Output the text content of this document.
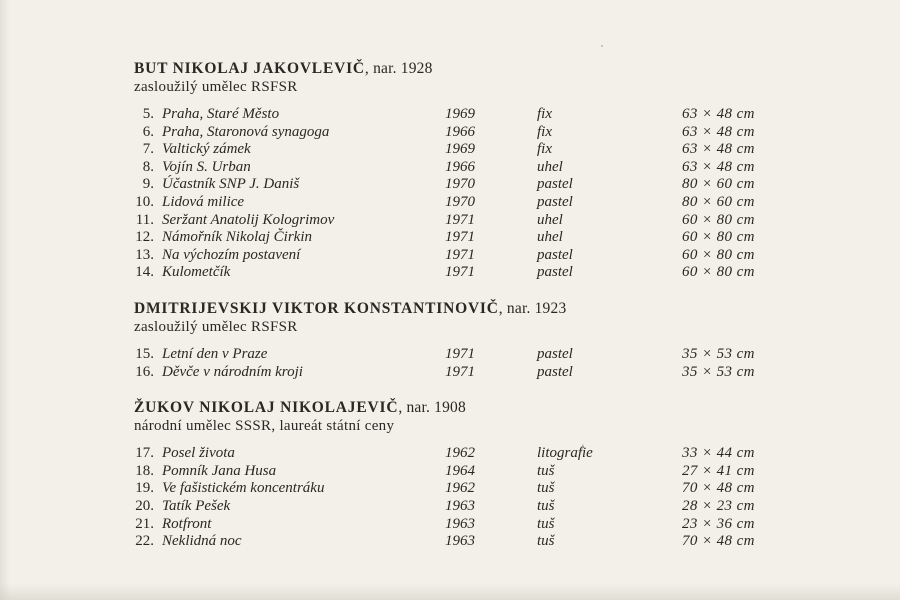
BUT NIKOLAJ JAKOVLEVIČ, nar. 1928
zasloužilý umělec RSFSR
5. Praha, Staré Město	1969	fix	63 × 48 cm
6. Praha, Staronová synagoga	1966	fix	63 × 48 cm
7. Valtický zámek	1969	fix	63 × 48 cm
8. Vojín S. Urban	1966	uhel	63 × 48 cm
9. Účastník SNP J. Daniš	1970	pastel	80 × 60 cm
10. Lidová milice	1970	pastel	80 × 60 cm
11. Seržant Anatolij Kologrimov	1971	uhel	60 × 80 cm
12. Námořník Nikolaj Čirkin	1971	uhel	60 × 80 cm
13. Na výchozím postavení	1971	pastel	60 × 80 cm
14. Kulometčík	1971	pastel	60 × 80 cm
DMITRIJEVSKIJ VIKTOR KONSTANTINOVIČ, nar. 1923
zasloužilý umělec RSFSR
15. Letní den v Praze	1971	pastel	35 × 53 cm
16. Děvče v národním kroji	1971	pastel	35 × 53 cm
ŽUKOV NIKOLAJ NIKOLAJEVIČ, nar. 1908
národní umělec SSSR, laureát státní ceny
17. Posel života	1962	litografie	33 × 44 cm
18. Pomník Jana Husa	1964	tuš	27 × 41 cm
19. Ve fašistickém koncentráku	1962	tuš	70 × 48 cm
20. Tatík Pešek	1963	tuš	28 × 23 cm
21. Rotfront	1963	tuš	23 × 36 cm
22. Neklidná noc	1963	tuš	70 × 48 cm
